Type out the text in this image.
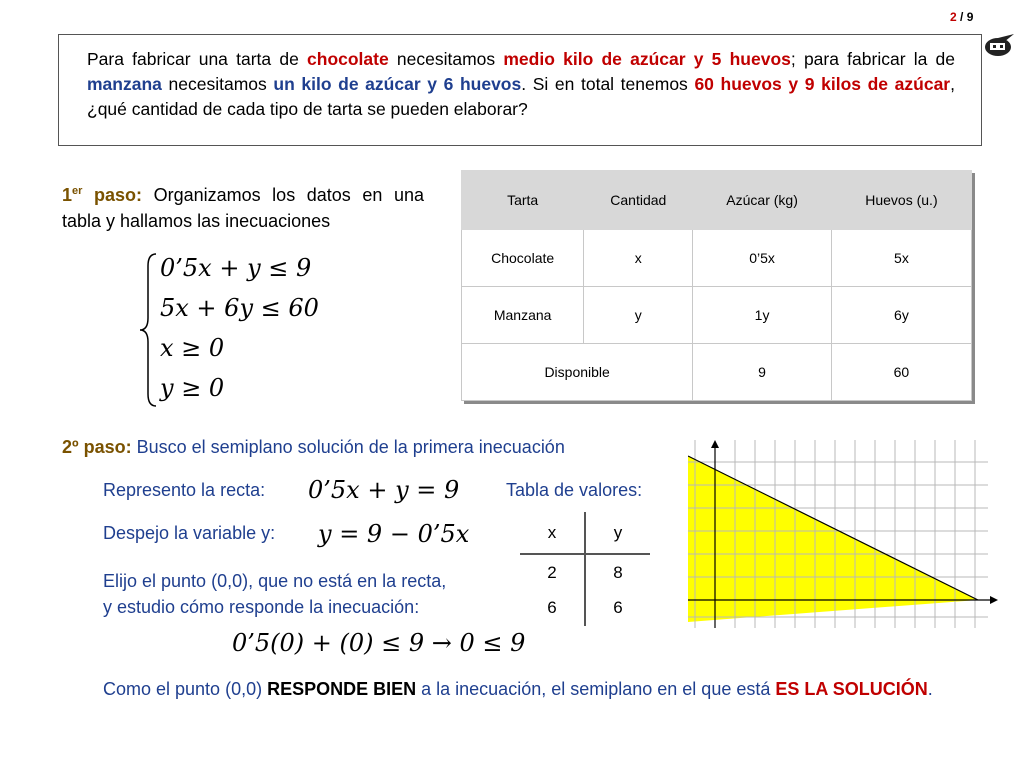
2 / 9
Para fabricar una tarta de chocolate necesitamos medio kilo de azúcar y 5 huevos; para fabricar la de manzana necesitamos un kilo de azúcar y 6 huevos. Si en total tenemos 60 huevos y 9 kilos de azúcar, ¿qué cantidad de cada tipo de tarta se pueden elaborar?
1er paso: Organizamos los datos en una tabla y hallamos las inecuaciones
0’5x + y ≤ 9
5x + 6y ≤ 60
x ≥ 0
y ≥ 0
Tarta	Cantidad	Azúcar (kg)	Huevos (u.)
Chocolate	x	0’5x	5x
Manzana	y	1y	6y
Disponible		9	60
2º paso: Busco el semiplano solución de la primera inecuación
Represento la recta: 0’5x + y = 9
Despejo la variable y: y = 9 − 0’5x
Elijo el punto (0,0), que no está en la recta,
y estudio cómo responde la inecuación:
0’5(0) + (0) ≤ 9 → 0 ≤ 9
Tabla de valores:
x	y
2	8
6	6
Como el punto (0,0) RESPONDE BIEN a la inecuación, el semiplano en el que está ES LA SOLUCIÓN.
